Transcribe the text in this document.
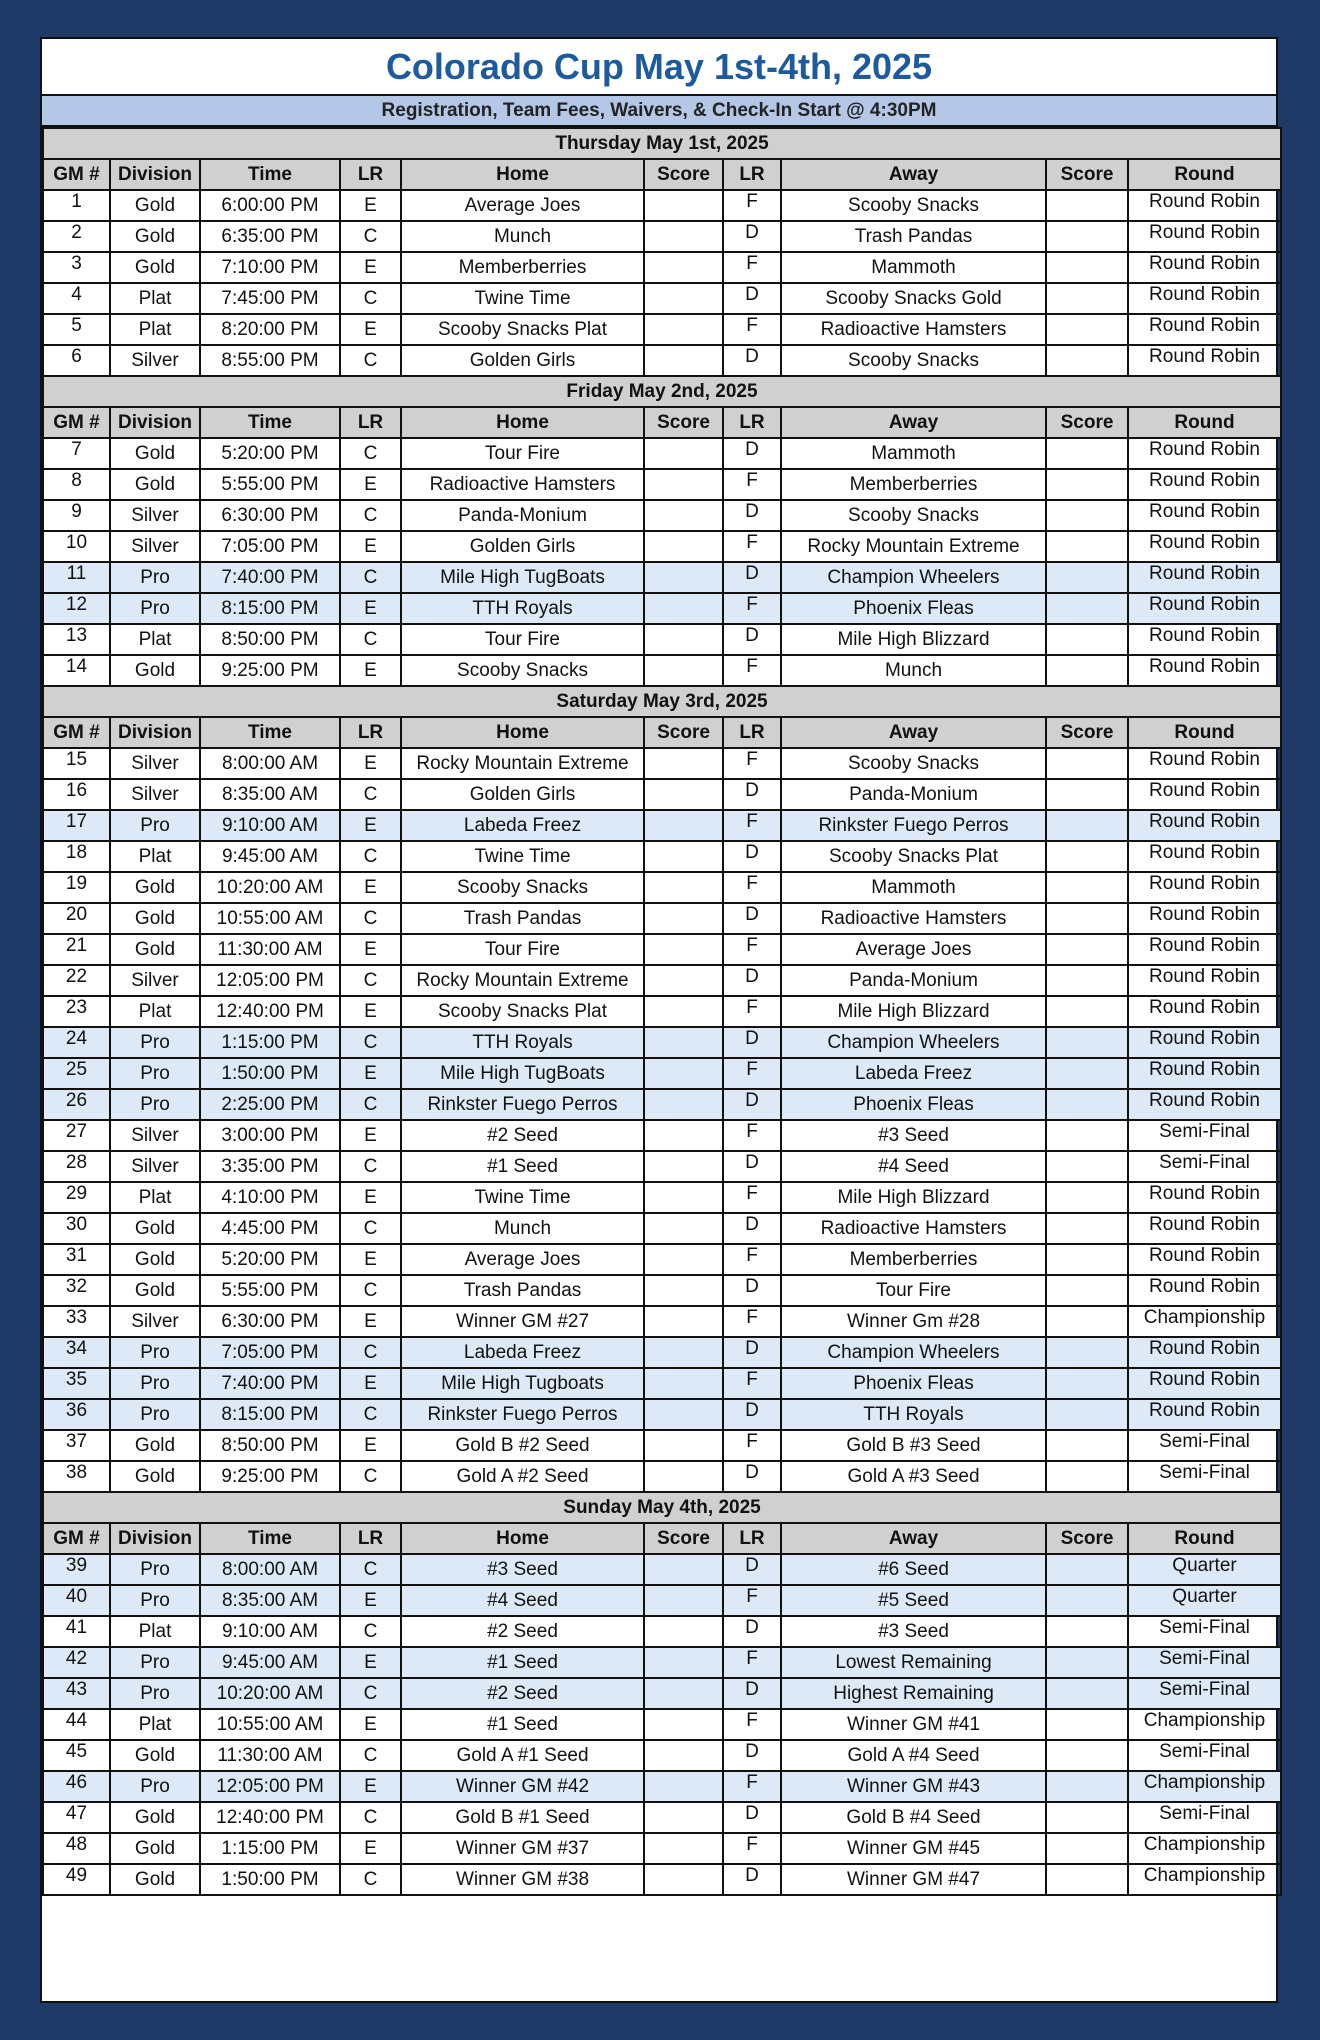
Colorado Cup May 1st-4th, 2025
Registration, Team Fees, Waivers, & Check-In Start @ 4:30PM
Thursday May 1st, 2025									
GM #	Division	Time	LR	Home	Score	LR	Away	Score	Round
1	Gold	6:00:00 PM	E	Average Joes		F	Scooby Snacks		Round Robin
2	Gold	6:35:00 PM	C	Munch		D	Trash Pandas		Round Robin
3	Gold	7:10:00 PM	E	Memberberries		F	Mammoth		Round Robin
4	Plat	7:45:00 PM	C	Twine Time		D	Scooby Snacks Gold		Round Robin
5	Plat	8:20:00 PM	E	Scooby Snacks Plat		F	Radioactive Hamsters		Round Robin
6	Silver	8:55:00 PM	C	Golden Girls		D	Scooby Snacks		Round Robin
Friday May 2nd, 2025									
GM #	Division	Time	LR	Home	Score	LR	Away	Score	Round
7	Gold	5:20:00 PM	C	Tour Fire		D	Mammoth		Round Robin
8	Gold	5:55:00 PM	E	Radioactive Hamsters		F	Memberberries		Round Robin
9	Silver	6:30:00 PM	C	Panda-Monium		D	Scooby Snacks		Round Robin
10	Silver	7:05:00 PM	E	Golden Girls		F	Rocky Mountain Extreme		Round Robin
11	Pro	7:40:00 PM	C	Mile High TugBoats		D	Champion Wheelers		Round Robin
12	Pro	8:15:00 PM	E	TTH Royals		F	Phoenix Fleas		Round Robin
13	Plat	8:50:00 PM	C	Tour Fire		D	Mile High Blizzard		Round Robin
14	Gold	9:25:00 PM	E	Scooby Snacks		F	Munch		Round Robin
Saturday May 3rd, 2025									
GM #	Division	Time	LR	Home	Score	LR	Away	Score	Round
15	Silver	8:00:00 AM	E	Rocky Mountain Extreme		F	Scooby Snacks		Round Robin
16	Silver	8:35:00 AM	C	Golden Girls		D	Panda-Monium		Round Robin
17	Pro	9:10:00 AM	E	Labeda Freez		F	Rinkster Fuego Perros		Round Robin
18	Plat	9:45:00 AM	C	Twine Time		D	Scooby Snacks Plat		Round Robin
19	Gold	10:20:00 AM	E	Scooby Snacks		F	Mammoth		Round Robin
20	Gold	10:55:00 AM	C	Trash Pandas		D	Radioactive Hamsters		Round Robin
21	Gold	11:30:00 AM	E	Tour Fire		F	Average Joes		Round Robin
22	Silver	12:05:00 PM	C	Rocky Mountain Extreme		D	Panda-Monium		Round Robin
23	Plat	12:40:00 PM	E	Scooby Snacks Plat		F	Mile High Blizzard		Round Robin
24	Pro	1:15:00 PM	C	TTH Royals		D	Champion Wheelers		Round Robin
25	Pro	1:50:00 PM	E	Mile High TugBoats		F	Labeda Freez		Round Robin
26	Pro	2:25:00 PM	C	Rinkster Fuego Perros		D	Phoenix Fleas		Round Robin
27	Silver	3:00:00 PM	E	#2 Seed		F	#3 Seed		Semi-Final
28	Silver	3:35:00 PM	C	#1 Seed		D	#4 Seed		Semi-Final
29	Plat	4:10:00 PM	E	Twine Time		F	Mile High Blizzard		Round Robin
30	Gold	4:45:00 PM	C	Munch		D	Radioactive Hamsters		Round Robin
31	Gold	5:20:00 PM	E	Average Joes		F	Memberberries		Round Robin
32	Gold	5:55:00 PM	C	Trash Pandas		D	Tour Fire		Round Robin
33	Silver	6:30:00 PM	E	Winner GM #27		F	Winner Gm #28		Championship
34	Pro	7:05:00 PM	C	Labeda Freez		D	Champion Wheelers		Round Robin
35	Pro	7:40:00 PM	E	Mile High Tugboats		F	Phoenix Fleas		Round Robin
36	Pro	8:15:00 PM	C	Rinkster Fuego Perros		D	TTH Royals		Round Robin
37	Gold	8:50:00 PM	E	Gold B #2 Seed		F	Gold B #3 Seed		Semi-Final
38	Gold	9:25:00 PM	C	Gold A #2 Seed		D	Gold A #3 Seed		Semi-Final
Sunday May 4th, 2025									
GM #	Division	Time	LR	Home	Score	LR	Away	Score	Round
39	Pro	8:00:00 AM	C	#3 Seed		D	#6 Seed		Quarter
40	Pro	8:35:00 AM	E	#4 Seed		F	#5 Seed		Quarter
41	Plat	9:10:00 AM	C	#2 Seed		D	#3 Seed		Semi-Final
42	Pro	9:45:00 AM	E	#1 Seed		F	Lowest Remaining		Semi-Final
43	Pro	10:20:00 AM	C	#2 Seed		D	Highest Remaining		Semi-Final
44	Plat	10:55:00 AM	E	#1 Seed		F	Winner GM #41		Championship
45	Gold	11:30:00 AM	C	Gold A #1 Seed		D	Gold A #4 Seed		Semi-Final
46	Pro	12:05:00 PM	E	Winner GM #42		F	Winner GM #43		Championship
47	Gold	12:40:00 PM	C	Gold B #1 Seed		D	Gold B #4 Seed		Semi-Final
48	Gold	1:15:00 PM	E	Winner GM #37		F	Winner GM #45		Championship
49	Gold	1:50:00 PM	C	Winner GM #38		D	Winner GM #47		Championship
